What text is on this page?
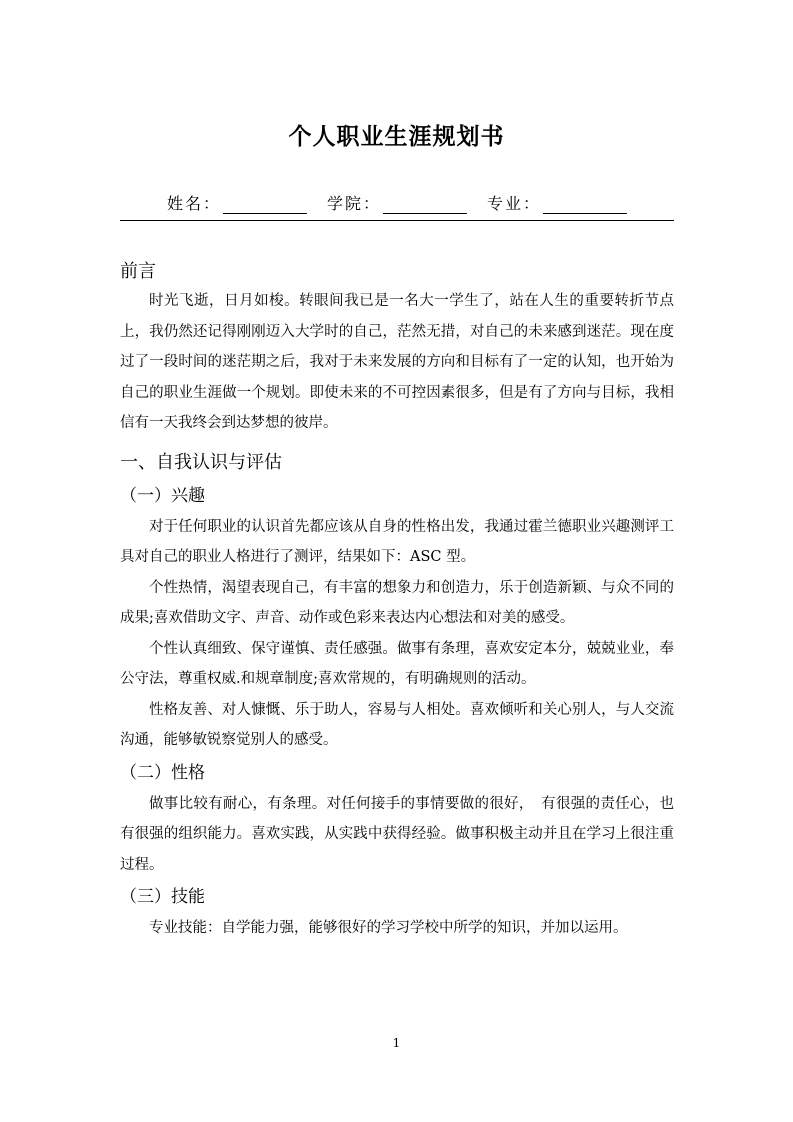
个人职业生涯规划书
姓名：	学院：	专业：
前言

时光飞逝，日月如梭。转眼间我已是一名大一学生了，站在人生的重要转折节点上，我仍然还记得刚刚迈入大学时的自己，茫然无措，对自己的未来感到迷茫。现在度过了一段时间的迷茫期之后，我对于未来发展的方向和目标有了一定的认知，也开始为自己的职业生涯做一个规划。即使未来的不可控因素很多，但是有了方向与目标，我相信有一天我终会到达梦想的彼岸。

一、自我认识与评估
（一）兴趣

对于任何职业的认识首先都应该从自身的性格出发，我通过霍兰德职业兴趣测评工具对自己的职业人格进行了测评，结果如下：ASC 型。

个性热情，渴望表现自己，有丰富的想象力和创造力，乐于创造新颖、与众不同的成果;喜欢借助文字、声音、动作或色彩来表达内心想法和对美的感受。

个性认真细致、保守谨慎、责任感强。做事有条理，喜欢安定本分，兢兢业业，奉公守法，尊重权威.和规章制度;喜欢常规的，有明确规则的活动。

性格友善、对人慷慨、乐于助人，容易与人相处。喜欢倾听和关心别人，与人交流沟通，能够敏锐察觉别人的感受。

（二）性格

做事比较有耐心，有条理。对任何接手的事情要做的很好，　有很强的责任心，也有很强的组织能力。喜欢实践，从实践中获得经验。做事积极主动并且在学习上很注重过程。

（三）技能

专业技能：自学能力强，能够很好的学习学校中所学的知识，并加以运用。

1
